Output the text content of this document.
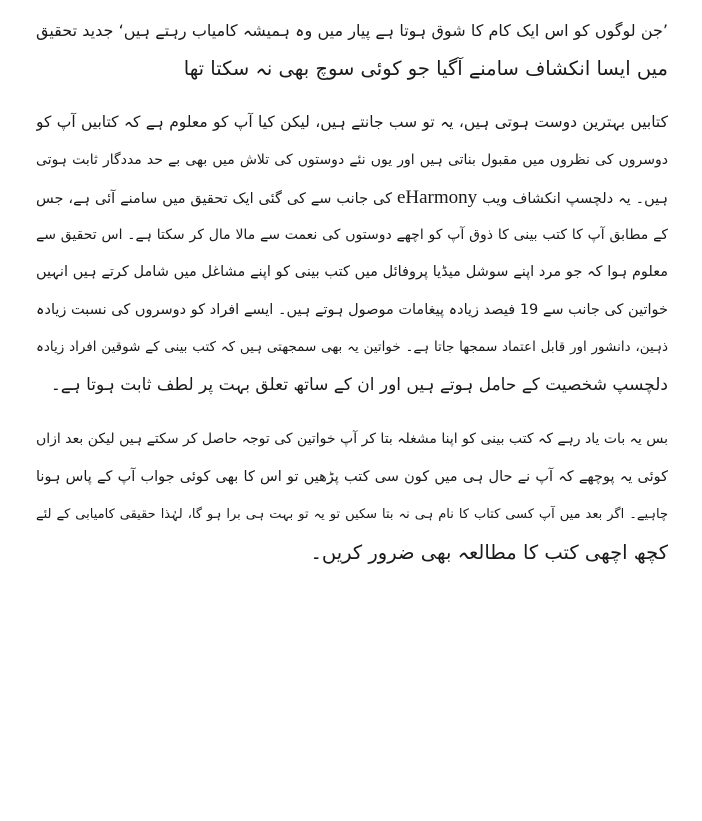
’جن لوگوں کو اس ایک کام کا شوق ہوتا ہے پیار میں وہ ہمیشہ کامیاب رہتے ہیں‘ جدید تحقیق
میں ایسا انکشاف سامنے آگیا جو کوئی سوچ بھی نہ سکتا تھا

کتابیں بہترین دوست ہوتی ہیں، یہ تو سب جانتے ہیں، لیکن کیا آپ کو معلوم ہے کہ کتابیں آپ کو
دوسروں کی نظروں میں مقبول بناتی ہیں اور یوں نئے دوستوں کی تلاش میں بھی بے حد مددگار ثابت ہوتی
ہیں۔ یہ دلچسپ انکشاف ویب eHarmony کی جانب سے کی گئی ایک تحقیق میں سامنے آئی ہے، جس
کے مطابق آپ کا کتب بینی کا ذوق آپ کو اچھے دوستوں کی نعمت سے مالا مال کر سکتا ہے۔ اس تحقیق سے
معلوم ہوا کہ جو مرد اپنے سوشل میڈیا پروفائل میں کتب بینی کو اپنے مشاغل میں شامل کرتے ہیں انہیں
خواتین کی جانب سے 19 فیصد زیادہ پیغامات موصول ہوتے ہیں۔ ایسے افراد کو دوسروں کی نسبت زیادہ
ذہین، دانشور اور قابل اعتماد سمجھا جاتا ہے۔ خواتین یہ بھی سمجھتی ہیں کہ کتب بینی کے شوقین افراد زیادہ
دلچسپ شخصیت کے حامل ہوتے ہیں اور ان کے ساتھ تعلق بہت پر لطف ثابت ہوتا ہے۔

بس یہ بات یاد رہے کہ کتب بینی کو اپنا مشغلہ بتا کر آپ خواتین کی توجہ حاصل کر سکتے ہیں لیکن بعد ازاں
کوئی یہ پوچھے کہ آپ نے حال ہی میں کون سی کتب پڑھیں تو اس کا بھی کوئی جواب آپ کے پاس ہونا
چاہیے۔ اگر بعد میں آپ کسی کتاب کا نام ہی نہ بتا سکیں تو یہ تو بہت ہی برا ہو گا، لہٰذا حقیقی کامیابی کے لئے
کچھ اچھی کتب کا مطالعہ بھی ضرور کریں۔
